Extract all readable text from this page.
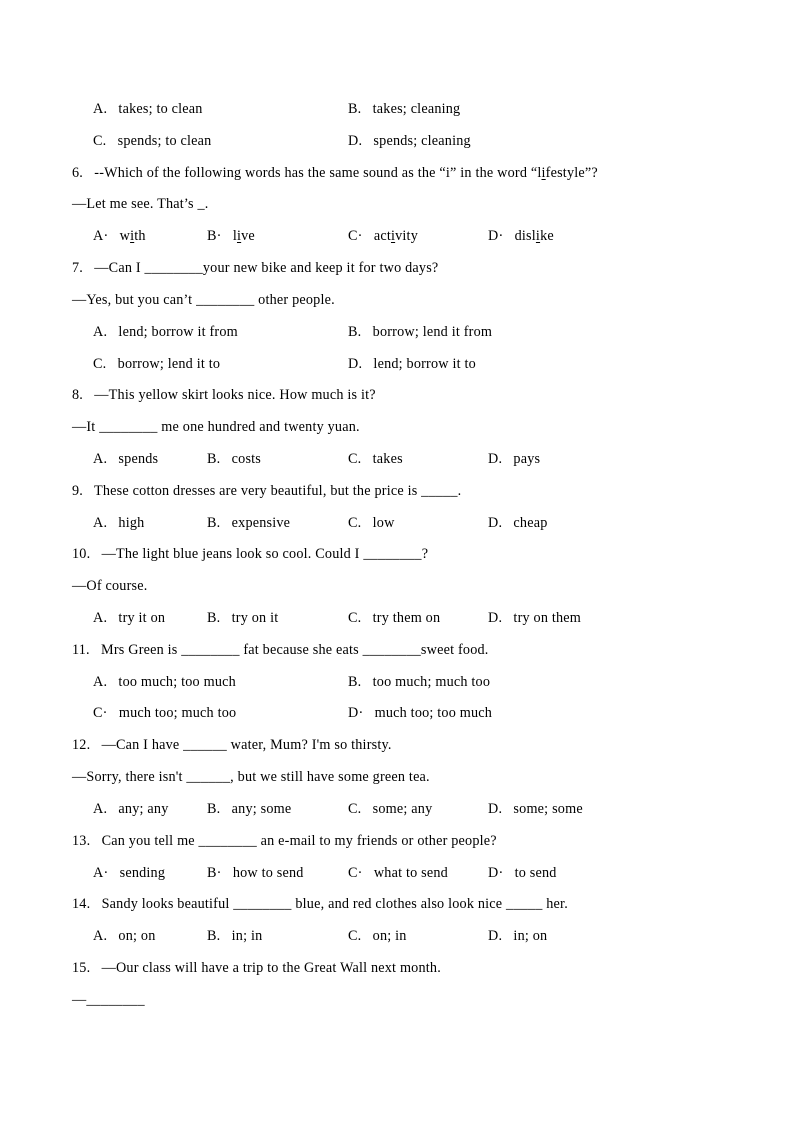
A.   takes; to clean	B.   takes; cleaning
C.   spends; to clean	D.   spends; cleaning
6.   --Which of the following words has the same sound as the “i” in the word “lifestyle”?
—Let me see. That’s _.
A·   with	B·   live	C·   activity	D·   dislike
7.   —Can I ________your new bike and keep it for two days?
—Yes, but you can’t ________ other people.
A.   lend; borrow it from	B.   borrow; lend it from
C.   borrow; lend it to	D.   lend; borrow it to
8.   —This yellow skirt looks nice. How much is it?
—It ________ me one hundred and twenty yuan.
A.   spends	B.   costs	C.   takes	D.   pays
9.   These cotton dresses are very beautiful, but the price is _____.
A.   high	B.   expensive	C.   low	D.   cheap
10.   —The light blue jeans look so cool. Could I ________?
—Of course.
A.   try it on	B.   try on it	C.   try them on	D.   try on them
11.   Mrs Green is ________ fat because she eats ________sweet food.
A.   too much; too much	B.   too much; much too
C·   much too; much too	D·   much too; too much
12.   —Can I have ______ water, Mum? I'm so thirsty.
—Sorry, there isn't ______, but we still have some green tea.
A.   any; any	B.   any; some	C.   some; any	D.   some; some
13.   Can you tell me ________ an e-mail to my friends or other people?
A·   sending	B·   how to send	C·   what to send	D·   to send
14.   Sandy looks beautiful ________ blue, and red clothes also look nice _____ her.
A.   on; on	B.   in; in	C.   on; in	D.   in; on
15.   —Our class will have a trip to the Great Wall next month.
—________
